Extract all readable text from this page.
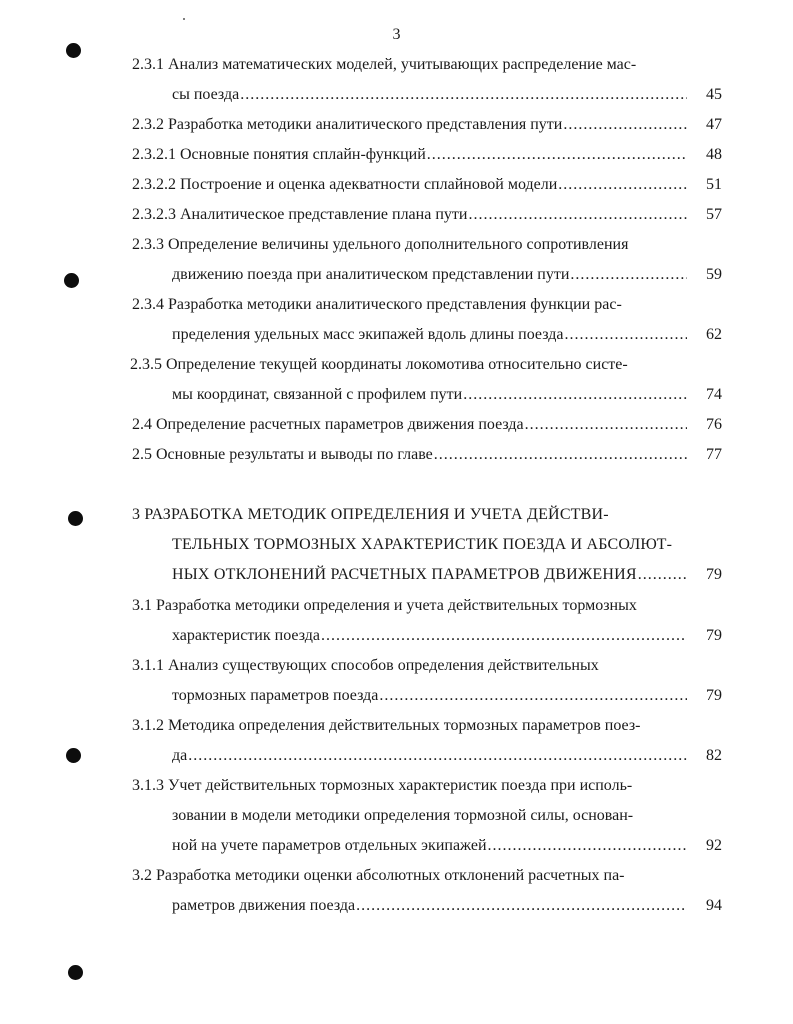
3
2.3.1 Анализ математических моделей, учитывающих распределение мас-
сы поезда .....	45
2.3.2 Разработка методики аналитического представления пути .....	47
2.3.2.1 Основные понятия сплайн-функций .....	48
2.3.2.2 Построение и оценка адекватности сплайновой модели .....	51
2.3.2.3 Аналитическое представление плана пути .....	57
2.3.3 Определение величины удельного дополнительного сопротивления
движению поезда при аналитическом представлении пути .....	59
2.3.4 Разработка методики аналитического представления функции рас-
пределения удельных масс экипажей вдоль длины поезда .....	62
2.3.5 Определение текущей координаты локомотива относительно систе-
мы координат, связанной с профилем пути .....	74
2.4 Определение расчетных параметров движения поезда .....	76
2.5 Основные результаты и выводы по главе .....	77
3 РАЗРАБОТКА МЕТОДИК ОПРЕДЕЛЕНИЯ И УЧЕТА ДЕЙСТВИ-
ТЕЛЬНЫХ ТОРМОЗНЫХ ХАРАКТЕРИСТИК ПОЕЗДА И АБСОЛЮТ-
НЫХ ОТКЛОНЕНИЙ РАСЧЕТНЫХ ПАРАМЕТРОВ ДВИЖЕНИЯ .....	79
3.1 Разработка методики определения и учета действительных тормозных
характеристик поезда .....	79
3.1.1 Анализ существующих способов определения действительных
тормозных параметров поезда .....	79
3.1.2 Методика определения действительных тормозных параметров поез-
да .....	82
3.1.3 Учет действительных тормозных характеристик поезда при исполь-
зовании в модели методики определения тормозной силы, основан-
ной на учете параметров отдельных экипажей .....	92
3.2 Разработка методики оценки абсолютных отклонений расчетных па-
раметров движения поезда .....	94
